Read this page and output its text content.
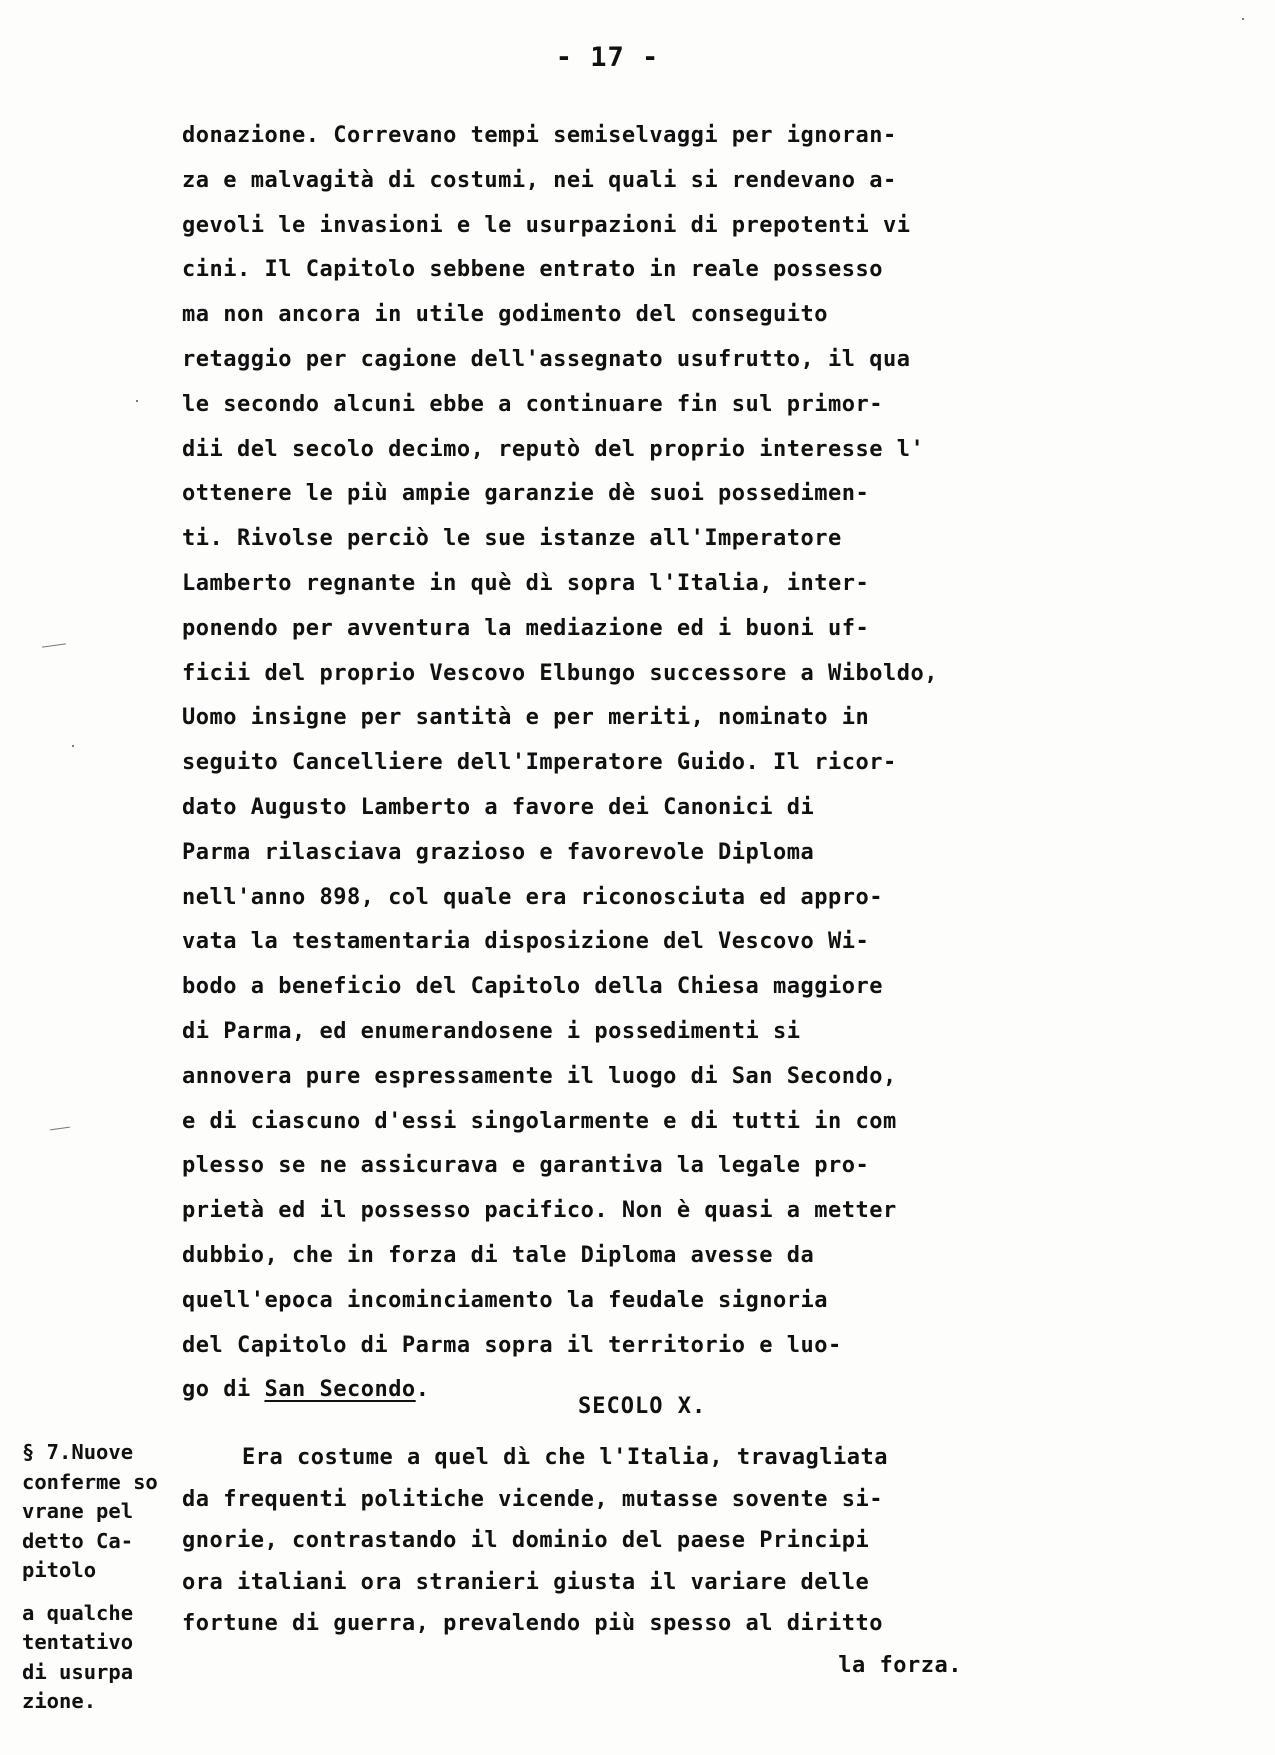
- 17 -
donazione. Correvano tempi semiselvaggi per ignoran-
za e malvagità di costumi, nei quali si rendevano a-
gevoli le invasioni e le usurpazioni di prepotenti vi
cini. Il Capitolo sebbene entrato in reale possesso
ma non ancora in utile godimento del conseguito
retaggio per cagione dell'assegnato usufrutto, il qua
le secondo alcuni ebbe a continuare fin sul primor-
dii del secolo decimo, reputò del proprio interesse l'
ottenere le più ampie garanzie dè suoi possedimen-
ti. Rivolse perciò le sue istanze all'Imperatore
Lamberto regnante in què dì sopra l'Italia, inter-
ponendo per avventura la mediazione ed i buoni uf-
ficii del proprio Vescovo Elbungo successore a Wiboldo,
Uomo insigne per santità e per meriti, nominato in
seguito Cancelliere dell'Imperatore Guido. Il ricor-
dato Augusto Lamberto a favore dei Canonici di
Parma rilasciava grazioso e favorevole Diploma
nell'anno 898, col quale era riconosciuta ed appro-
vata la testamentaria disposizione del Vescovo Wi-
bodo a beneficio del Capitolo della Chiesa maggiore
di Parma, ed enumerandosene i possedimenti si
annovera pure espressamente il luogo di San Secondo,
e di ciascuno d'essi singolarmente e di tutti in com
plesso se ne assicurava e garantiva la legale pro-
prietà ed il possesso pacifico. Non è quasi a metter
dubbio, che in forza di tale Diploma avesse da
quell'epoca incominciamento la feudale signoria
del Capitolo di Parma sopra il territorio e luo-
go di San Secondo.
SECOLO X.
§ 7.Nuove
conferme so
vrane pel
detto Ca-
pitolo
a qualche
tentativo
di usurpa
zione.
Era costume a quel dì che l'Italia, travagliata
da frequenti politiche vicende, mutasse sovente si-
gnorie, contrastando il dominio del paese Principi
ora italiani ora stranieri giusta il variare delle
fortune di guerra, prevalendo più spesso al diritto
la forza.
